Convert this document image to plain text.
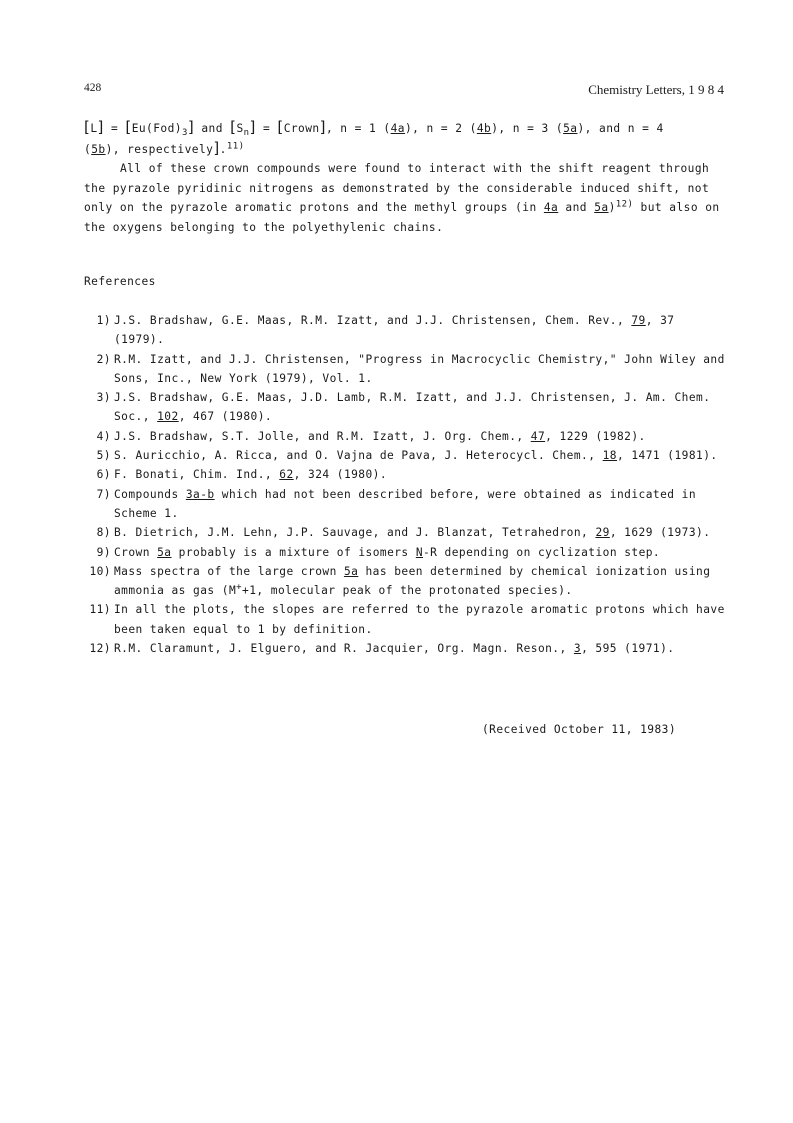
428	Chemistry Letters, 1 9 8 4

$[L] = [Eu(Fod)_3]$ and $[S_n]$ = [Crown], n = 1 (4a), n = 2 (4b), n = 3 (5a), and n = 4
(5b), respectively].$^{11)}$

All of these crown compounds were found to interact with the shift reagent through the pyrazole pyridinic nitrogens as demonstrated by the considerable induced shift, not only on the pyrazole aromatic protons and the methyl groups (in 4a and 5a)$^{12)}$ but also on the oxygens belonging to the polyethylenic chains.

References
1) J.S. Bradshaw, G.E. Maas, R.M. Izatt, and J.J. Christensen, Chem. Rev., 79, 37 (1979).
2) R.M. Izatt, and J.J. Christensen, "Progress in Macrocyclic Chemistry," John Wiley and Sons, Inc., New York (1979), Vol. 1.
3) J.S. Bradshaw, G.E. Maas, J.D. Lamb, R.M. Izatt, and J.J. Christensen, J. Am. Chem. Soc., 102, 467 (1980).
4) J.S. Bradshaw, S.T. Jolle, and R.M. Izatt, J. Org. Chem., 47, 1229 (1982).
5) S. Auricchio, A. Ricca, and O. Vajna de Pava, J. Heterocycl. Chem., 18, 1471 (1981).
6) F. Bonati, Chim. Ind., 62, 324 (1980).
7) Compounds 3a-b which had not been described before, were obtained as indicated in Scheme 1.
8) B. Dietrich, J.M. Lehn, J.P. Sauvage, and J. Blanzat, Tetrahedron, 29, 1629 (1973).
9) Crown 5a probably is a mixture of isomers N-R depending on cyclization step.
10) Mass spectra of the large crown 5a has been determined by chemical ionization using ammonia as gas (M++1, molecular peak of the protonated species).
11) In all the plots, the slopes are referred to the pyrazole aromatic protons which have been taken equal to 1 by definition.
12) R.M. Claramunt, J. Elguero, and R. Jacquier, Org. Magn. Reson., 3, 595 (1971).
(Received October 11, 1983)
